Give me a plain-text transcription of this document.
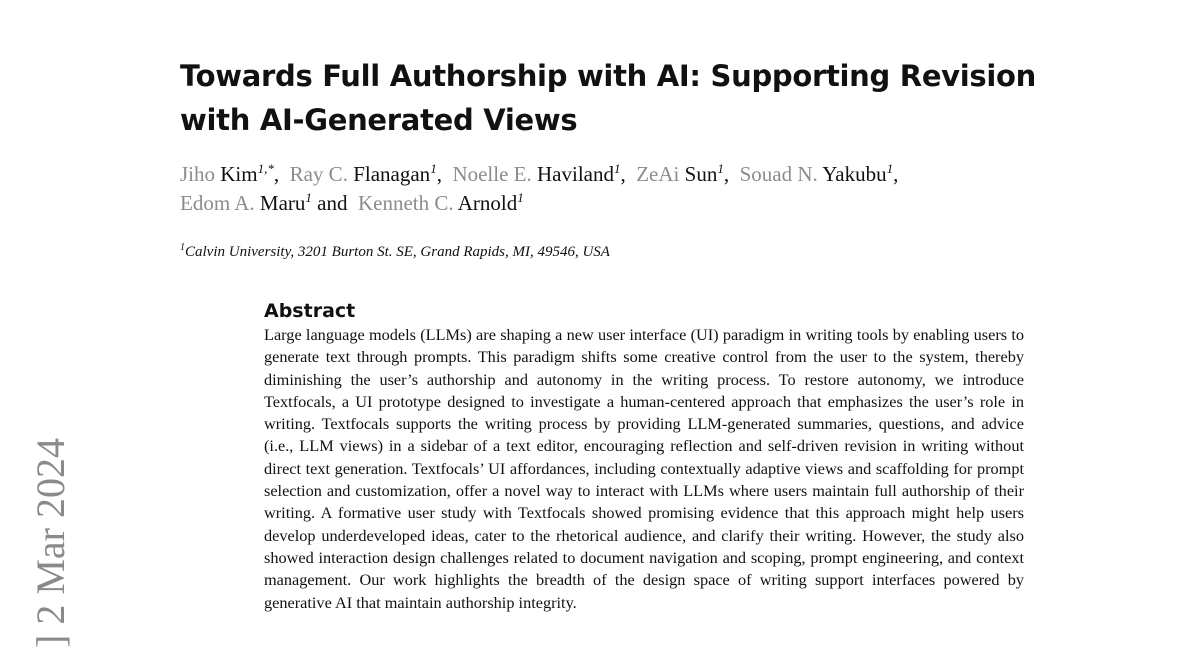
Towards Full Authorship with AI: Supporting Revision with AI-Generated Views
Jiho Kim$^{1,*}$,  Ray C. Flanagan$^1$,  Noelle E. Haviland$^1$,  ZeAi Sun$^1$,  Souad N. Yakubu$^1$,
Edom A. Maru$^1$ and Kenneth C. Arnold$^1$
$^1$Calvin University, 3201 Burton St. SE, Grand Rapids, MI, 49546, USA
Abstract

Large language models (LLMs) are shaping a new user interface (UI) paradigm in writing tools by enabling users to generate text through prompts. This paradigm shifts some creative control from the user to the system, thereby diminishing the user’s authorship and autonomy in the writing process. To restore autonomy, we introduce Textfocals, a UI prototype designed to investigate a human-centered approach that emphasizes the user’s role in writing. Textfocals supports the writing process by providing LLM-generated summaries, questions, and advice (i.e., LLM views) in a sidebar of a text editor, encouraging reflection and self-driven revision in writing without direct text generation. Textfocals’ UI affordances, including contextually adaptive views and scaffolding for prompt selection and customization, offer a novel way to interact with LLMs where users maintain full authorship of their writing. A formative user study with Textfocals showed promising evidence that this approach might help users develop underdeveloped ideas, cater to the rhetorical audience, and clarify their writing. However, the study also showed interaction design challenges related to document navigation and scoping, prompt engineering, and context management. Our work highlights the breadth of the design space of writing support interfaces powered by generative AI that maintain authorship integrity.

] 2 Mar 2024
